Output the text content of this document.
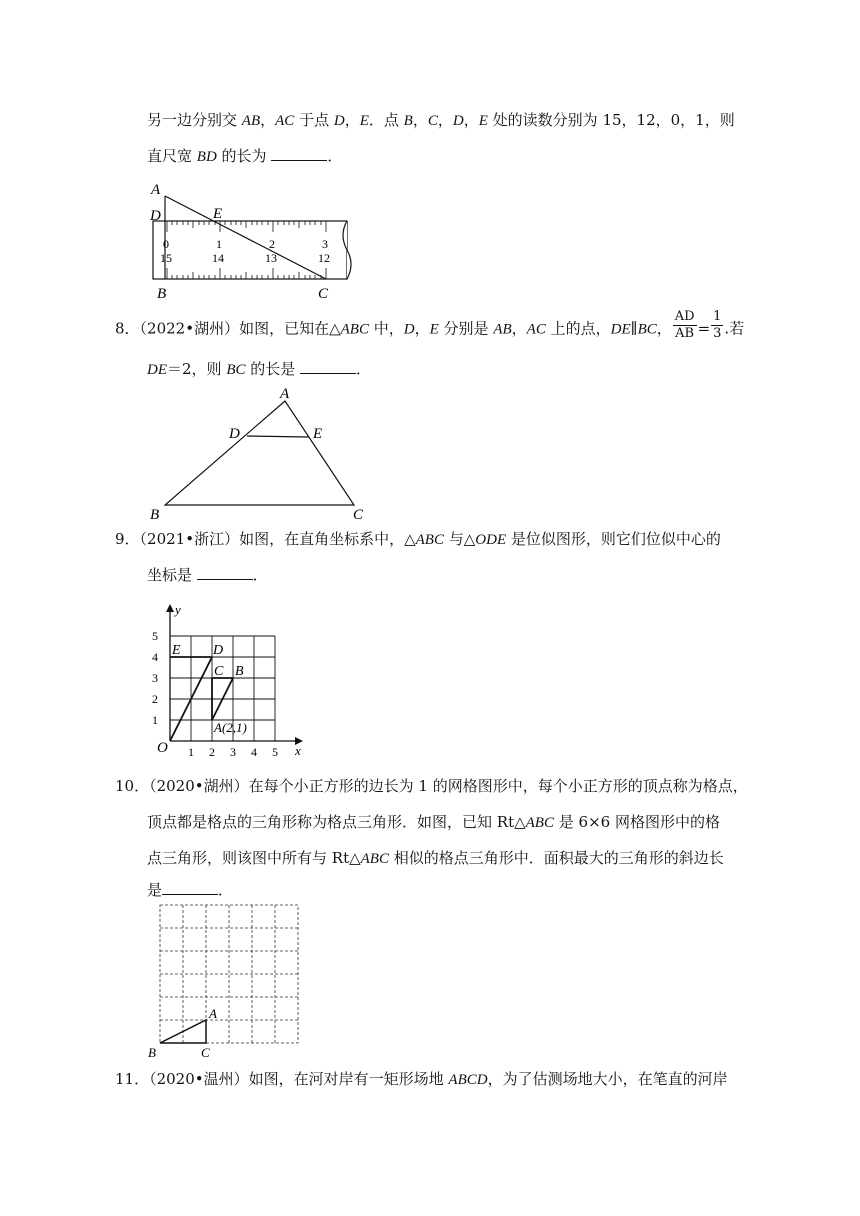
另一边分别交 AB，AC 于点 D，E．点 B，C，D，E 处的读数分别为 15，12，0，1，则
直尺宽 BD 的长为	．
A
D	E
B	C
0	1	2	3
15	14	13	12
8．（2022•湖州）如图，已知在△ABC 中，D，E 分别是 AB，AC 上的点，DE∥BC， $\frac{AD}{AB} = \frac{1}{3}$ .若
DE＝2，则 BC 的长是	．
A
D	E
B	C
9．（2021•浙江）如图，在直角坐标系中，△ABC 与△ODE 是位似图形，则它们位似中心的
坐标是	．
y
x
O
E D
C B
A(2,1)
1
2
3
4
5
1 2 3 4 5
10．（2020•湖州）在每个小正方形的边长为 1 的网格图形中，每个小正方形的顶点称为格点，
顶点都是格点的三角形称为格点三角形．如图，已知 Rt△ABC 是 6×6 网格图形中的格
点三角形，则该图中所有与 Rt△ABC 相似的格点三角形中．面积最大的三角形的斜边长
是	．
A
B	C
11．（2020•温州）如图，在河对岸有一矩形场地 ABCD，为了估测场地大小，在笔直的河岸
